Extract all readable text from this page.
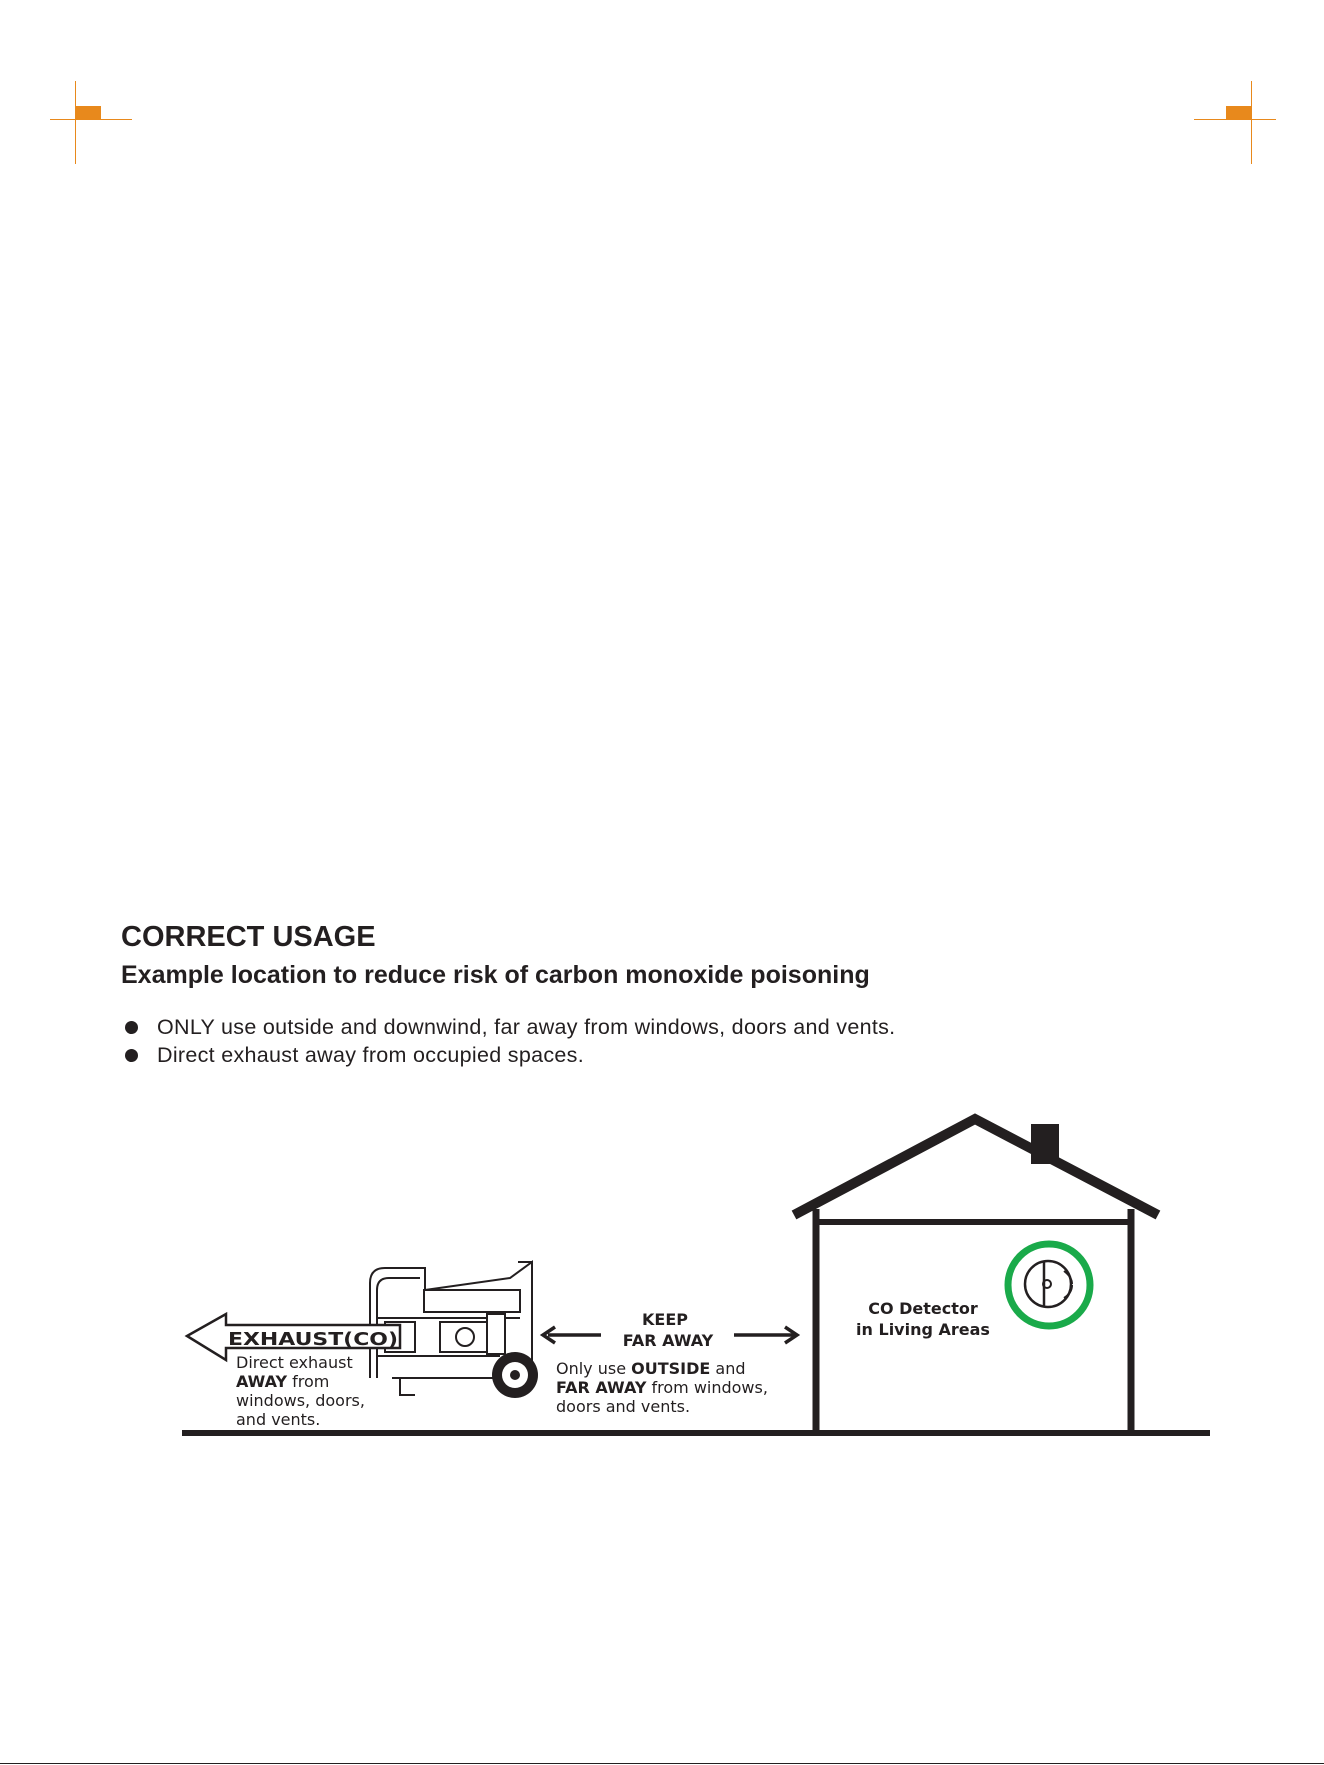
CORRECT USAGE
Example location to reduce risk of carbon monoxide poisoning
ONLY use outside and downwind, far away from windows, doors and vents.
Direct exhaust away from occupied spaces.
CO Detector
in Living Areas
KEEP
FAR AWAY
Only use OUTSIDE and
FAR AWAY from windows,
doors and vents.
EXHAUST(CO)
Direct exhaust
AWAY from
windows, doors,
and vents.
